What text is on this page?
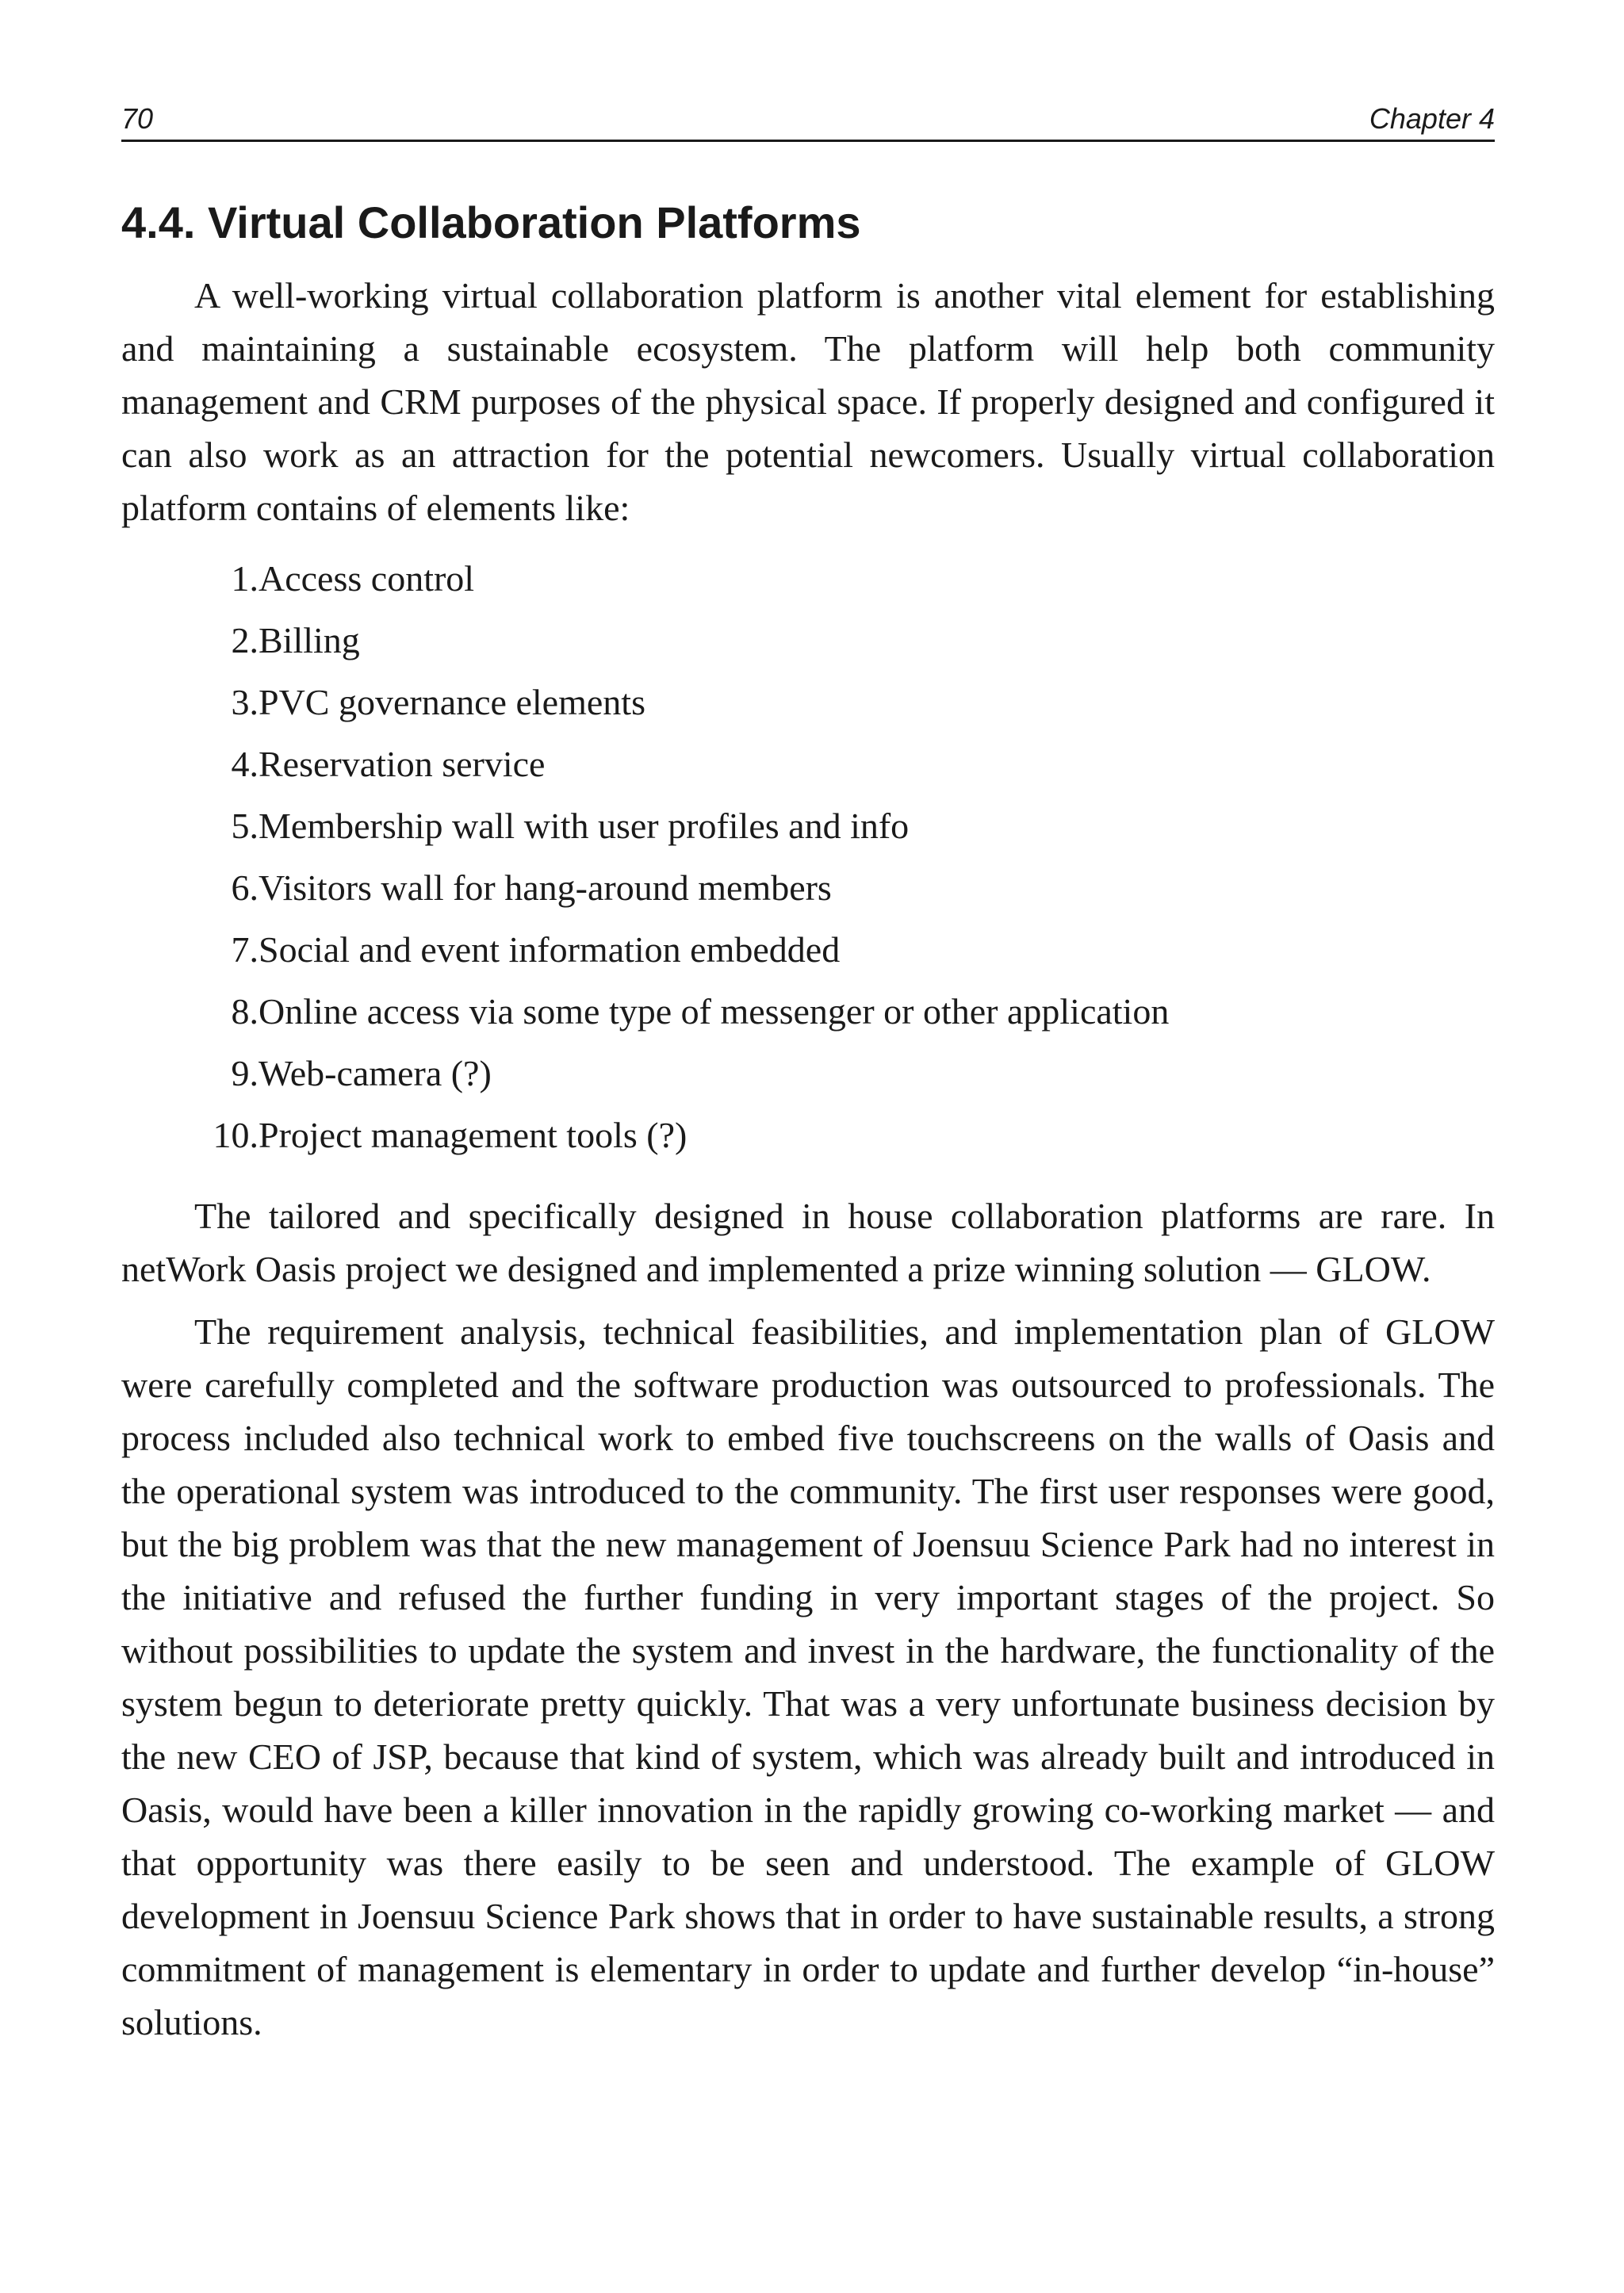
70	Chapter 4
4.4. Virtual Collaboration Platforms

A well-working virtual collaboration platform is another vital element for establishing and maintaining a sustainable ecosystem. The platform will help both community management and CRM purposes of the physical space. If properly designed and configured it can also work as an attraction for the potential newcomers. Usually virtual collaboration platform contains of elements like:

1. Access control
2. Billing
3. PVC governance elements
4. Reservation service
5. Membership wall with user profiles and info
6. Visitors wall for hang-around members
7. Social and event information embedded
8. Online access via some type of messenger or other application
9. Web-camera (?)
10. Project management tools (?)

The tailored and specifically designed in house collaboration platforms are rare. In netWork Oasis project we designed and implemented a prize winning solution — GLOW.

The requirement analysis, technical feasibilities, and implementation plan of GLOW were carefully completed and the software production was outsourced to professionals. The process included also technical work to embed five touchscreens on the walls of Oasis and the operational system was introduced to the community. The first user responses were good, but the big problem was that the new management of Joensuu Science Park had no interest in the initiative and refused the further funding in very important stages of the project. So without possibilities to update the system and invest in the hardware, the functionality of the system begun to deteriorate pretty quickly. That was a very unfortunate business decision by the new CEO of JSP, because that kind of system, which was already built and introduced in Oasis, would have been a killer innovation in the rapidly growing co-working market — and that opportunity was there easily to be seen and understood. The example of GLOW development in Joensuu Science Park shows that in order to have sustainable results, a strong commitment of management is elementary in order to update and further develop “in-house” solutions.
